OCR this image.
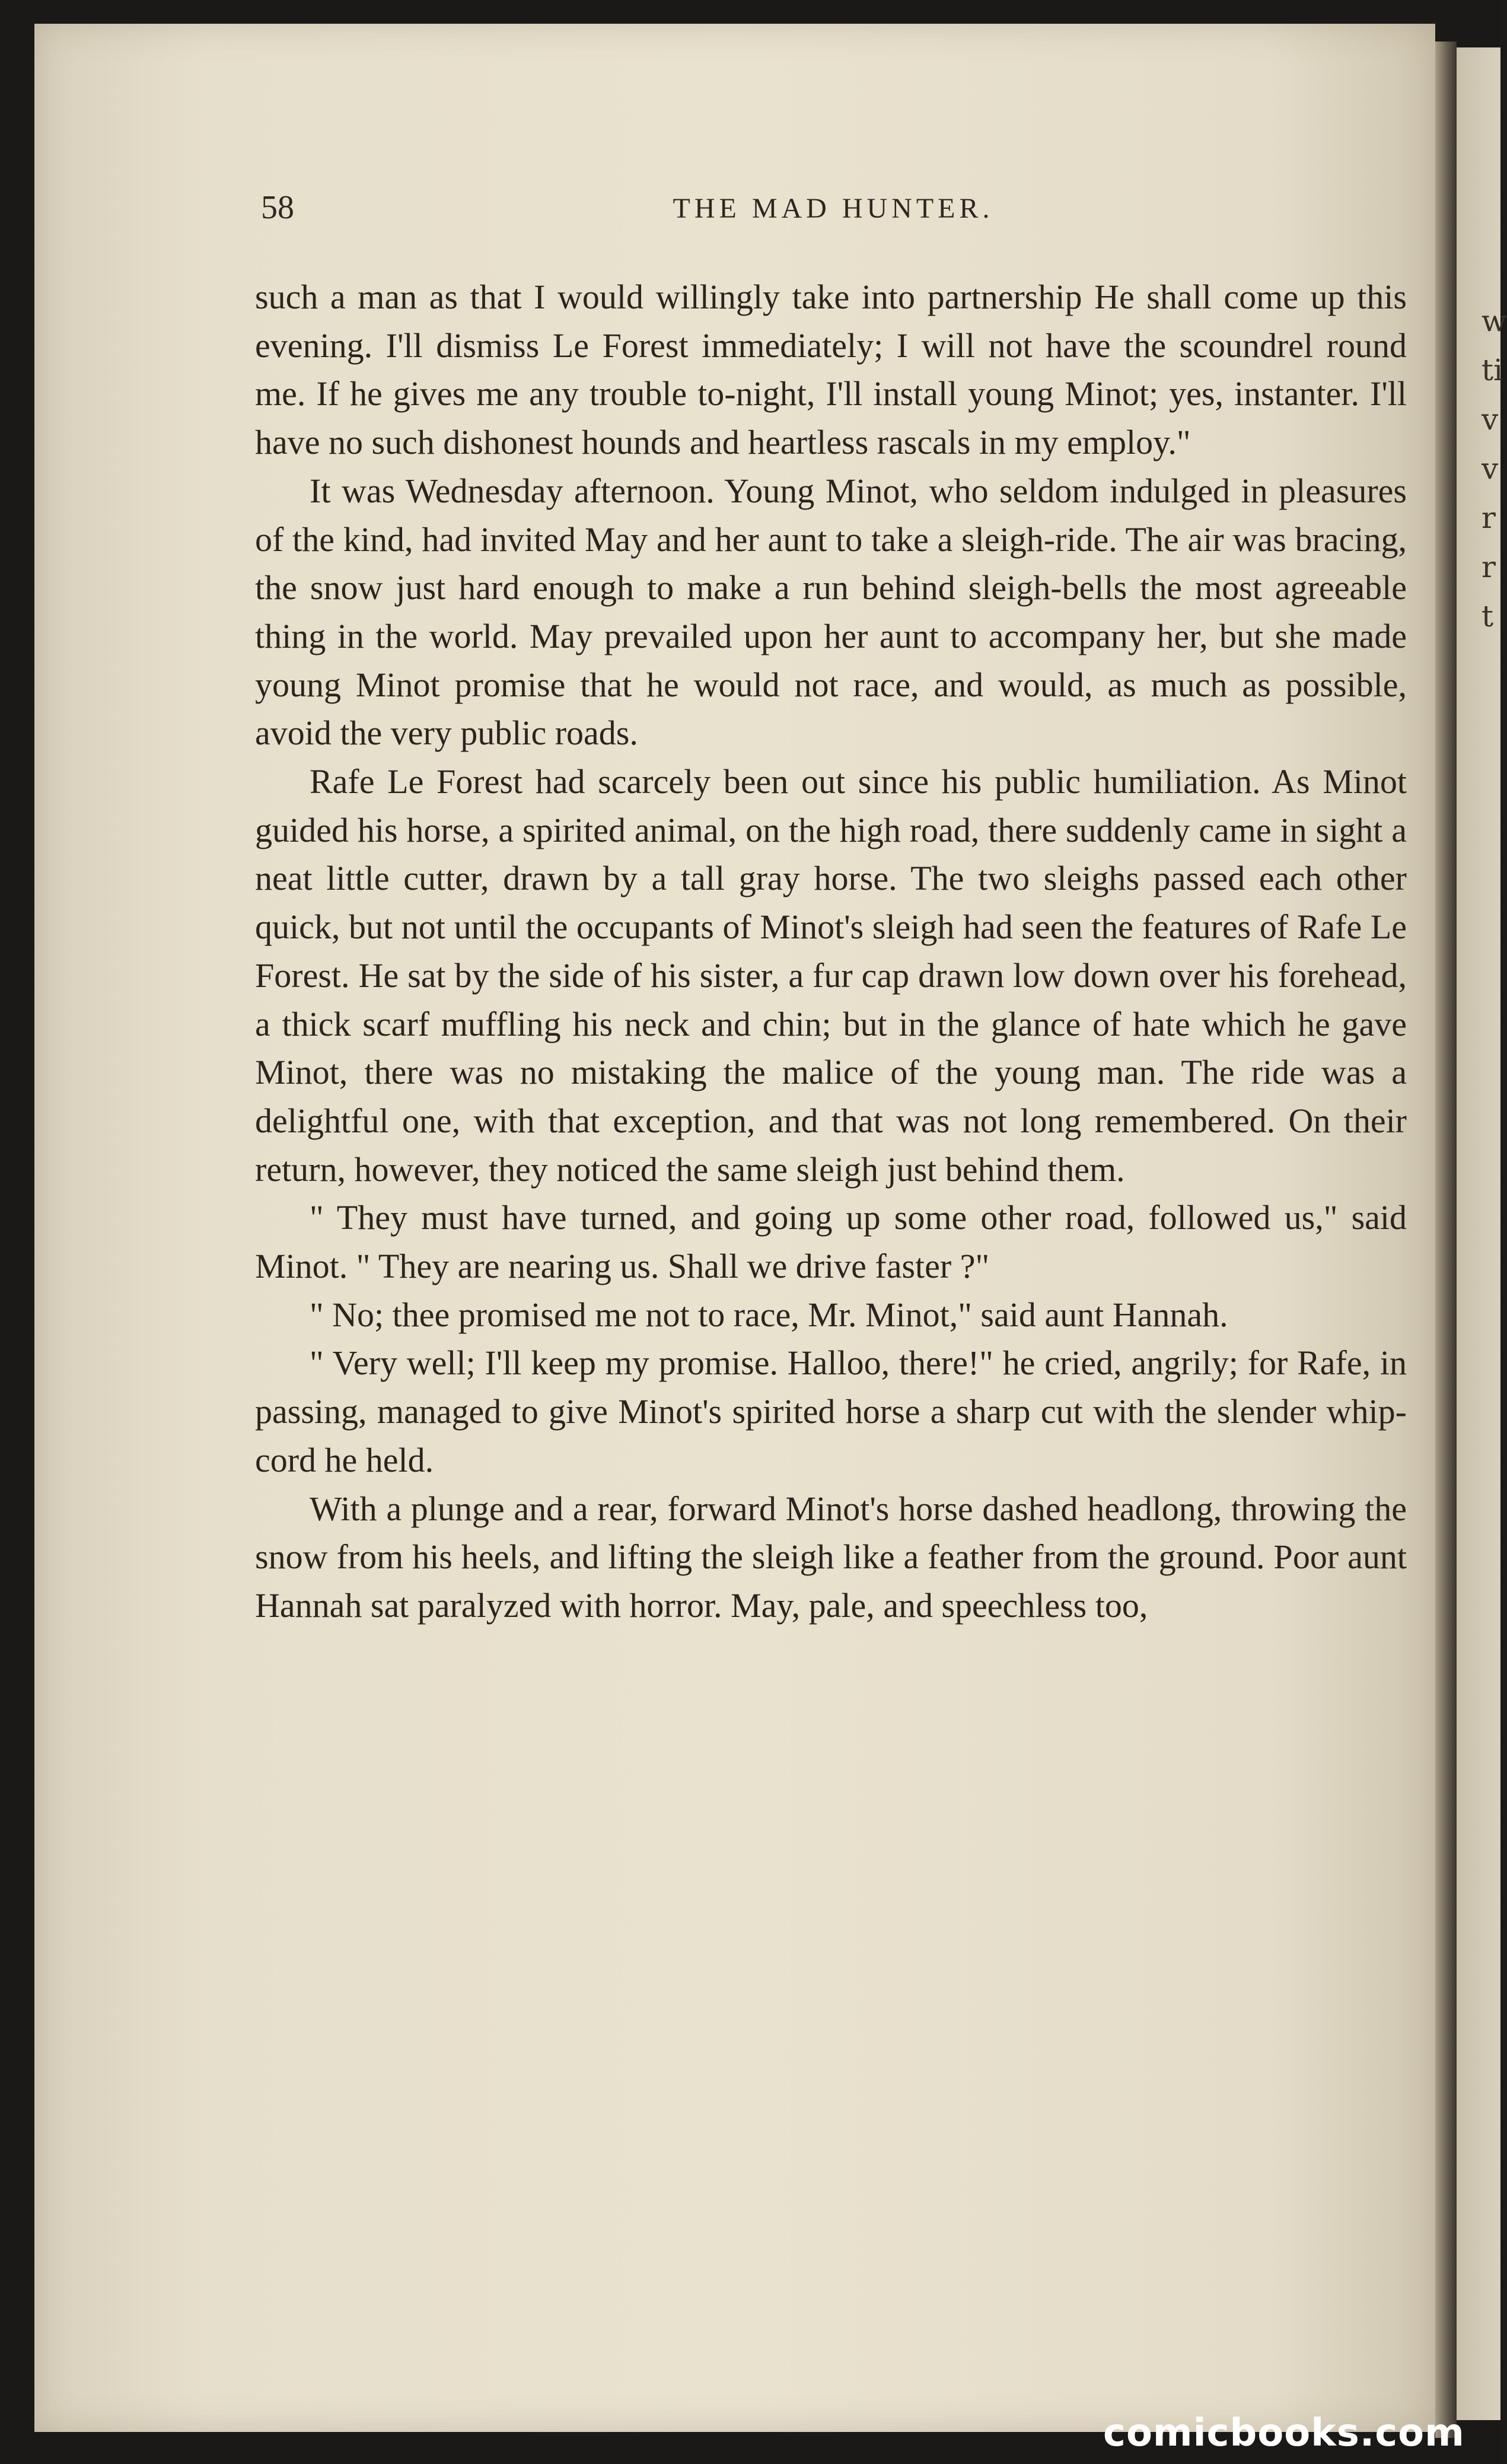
w
ti
v
v
r
r
t
58	THE MAD HUNTER.

such a man as that I would willingly take into partnership He shall come up this evening. I'll dismiss Le Forest immediately; I will not have the scoundrel round me. If he gives me any trouble to-night, I'll install young Minot; yes, instanter. I'll have no such dishonest hounds and heartless rascals in my employ."

It was Wednesday afternoon. Young Minot, who seldom indulged in pleasures of the kind, had invited May and her aunt to take a sleigh-ride. The air was bracing, the snow just hard enough to make a run behind sleigh-bells the most agreeable thing in the world. May prevailed upon her aunt to accompany her, but she made young Minot promise that he would not race, and would, as much as possible, avoid the very public roads.

Rafe Le Forest had scarcely been out since his public humiliation. As Minot guided his horse, a spirited animal, on the high road, there suddenly came in sight a neat little cutter, drawn by a tall gray horse. The two sleighs passed each other quick, but not until the occupants of Minot's sleigh had seen the features of Rafe Le Forest. He sat by the side of his sister, a fur cap drawn low down over his forehead, a thick scarf muffling his neck and chin; but in the glance of hate which he gave Minot, there was no mistaking the malice of the young man. The ride was a delightful one, with that exception, and that was not long remembered. On their return, however, they noticed the same sleigh just behind them.

" They must have turned, and going up some other road, followed us," said Minot. " They are nearing us. Shall we drive faster ?"

" No; thee promised me not to race, Mr. Minot," said aunt Hannah.

" Very well; I'll keep my promise. Halloo, there!" he cried, angrily; for Rafe, in passing, managed to give Minot's spirited horse a sharp cut with the slender whip-cord he held.

With a plunge and a rear, forward Minot's horse dashed headlong, throwing the snow from his heels, and lifting the sleigh like a feather from the ground. Poor aunt Hannah sat paralyzed with horror. May, pale, and speechless too,

comicbooks.com
